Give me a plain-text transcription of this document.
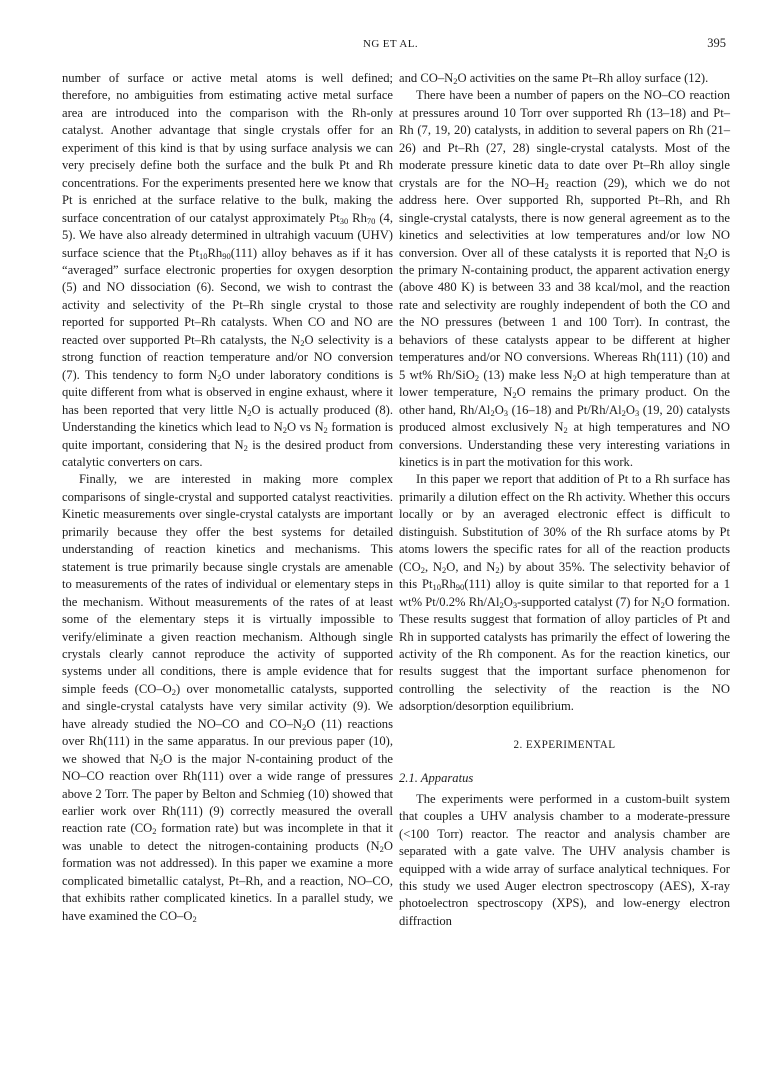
NG ET AL.	395

number of surface or active metal atoms is well defined; therefore, no ambiguities from estimating active metal surface area are introduced into the comparison with the Rh-only catalyst. Another advantage that single crystals offer for an experiment of this kind is that by using surface analysis we can very precisely define both the surface and the bulk Pt and Rh concentrations. For the experiments presented here we know that Pt is enriched at the surface relative to the bulk, making the surface concentration of our catalyst approximately $Pt_{30}$ $Rh_{70}$ (4, 5). We have also already determined in ultrahigh vacuum (UHV) surface science that the $Pt_{10}Rh_{90}(111)$ alloy behaves as if it has “averaged” surface electronic properties for oxygen desorption (5) and NO dissociation (6). Second, we wish to contrast the activity and selectivity of the Pt–Rh single crystal to those reported for supported Pt–Rh catalysts. When CO and NO are reacted over supported Pt–Rh catalysts, the $N_2O$ selectivity is a strong function of reaction temperature and/or NO conversion (7). This tendency to form $N_2O$ under laboratory conditions is quite different from what is observed in engine exhaust, where it has been reported that very little $N_2O$ is actually produced (8). Understanding the kinetics which lead to $N_2O$ vs $N_2$ formation is quite important, considering that $N_2$ is the desired product from catalytic converters on cars.

Finally, we are interested in making more complex comparisons of single-crystal and supported catalyst reactivities. Kinetic measurements over single-crystal catalysts are important primarily because they offer the best systems for detailed understanding of reaction kinetics and mechanisms. This statement is true primarily because single crystals are amenable to measurements of the rates of individual or elementary steps in the mechanism. Without measurements of the rates of at least some of the elementary steps it is virtually impossible to verify/eliminate a given reaction mechanism. Although single crystals clearly cannot reproduce the activity of supported systems under all conditions, there is ample evidence that for simple feeds $(CO-O_2)$ over monometallic catalysts, supported and single-crystal catalysts have very similar activity (9). We have already studied the NO–CO and $CO-N_2O$ (11) reactions over Rh(111) in the same apparatus. In our previous paper (10), we showed that $N_2O$ is the major N-containing product of the NO–CO reaction over Rh(111) over a wide range of pressures above 2 Torr. The paper by Belton and Schmieg (10) showed that earlier work over Rh(111) (9) correctly measured the overall reaction rate ($CO_2$ formation rate) but was incomplete in that it was unable to detect the nitrogen-containing products ($N_2O$ formation was not addressed). In this paper we examine a more complicated bimetallic catalyst, Pt–Rh, and a reaction, NO–CO, that exhibits rather complicated kinetics. In a parallel study, we have examined the $CO-O_2$

and $CO-N_2O$ activities on the same Pt–Rh alloy surface (12).

There have been a number of papers on the NO–CO reaction at pressures around 10 Torr over supported Rh (13–18) and Pt–Rh (7, 19, 20) catalysts, in addition to several papers on Rh (21–26) and Pt–Rh (27, 28) single-crystal catalysts. Most of the moderate pressure kinetic data to date over Pt–Rh alloy single crystals are for the $NO-H_2$ reaction (29), which we do not address here. Over supported Rh, supported Pt–Rh, and Rh single-crystal catalysts, there is now general agreement as to the kinetics and selectivities at low temperatures and/or low NO conversion. Over all of these catalysts it is reported that $N_2O$ is the primary N-containing product, the apparent activation energy (above 480 K) is between 33 and 38 kcal/mol, and the reaction rate and selectivity are roughly independent of both the CO and the NO pressures (between 1 and 100 Torr). In contrast, the behaviors of these catalysts appear to be different at higher temperatures and/or NO conversions. Whereas Rh(111) (10) and 5 wt% Rh/SiO$_2$ (13) make less $N_2O$ at high temperature than at lower temperature, $N_2O$ remains the primary product. On the other hand, $Rh/Al_2O_3$ (16–18) and $Pt/Rh/Al_2O_3$ (19, 20) catalysts produced almost exclusively $N_2$ at high temperatures and NO conversions. Understanding these very interesting variations in kinetics is in part the motivation for this work.

In this paper we report that addition of Pt to a Rh surface has primarily a dilution effect on the Rh activity. Whether this occurs locally or by an averaged electronic effect is difficult to distinguish. Substitution of 30% of the Rh surface atoms by Pt atoms lowers the specific rates for all of the reaction products ($CO_2$, $N_2O$, and $N_2$) by about 35%. The selectivity behavior of this $Pt_{10}Rh_{90}(111)$ alloy is quite similar to that reported for a 1 wt% Pt/0.2% $Rh/Al_2O_3$-supported catalyst (7) for $N_2O$ formation. These results suggest that formation of alloy particles of Pt and Rh in supported catalysts has primarily the effect of lowering the activity of the Rh component. As for the reaction kinetics, our results suggest that the important surface phenomenon for controlling the selectivity of the reaction is the NO adsorption/desorption equilibrium.

2. EXPERIMENTAL
2.1. Apparatus

The experiments were performed in a custom-built system that couples a UHV analysis chamber to a moderate-pressure (<100 Torr) reactor. The reactor and analysis chamber are separated with a gate valve. The UHV analysis chamber is equipped with a wide array of surface analytical techniques. For this study we used Auger electron spectroscopy (AES), X-ray photoelectron spectroscopy (XPS), and low-energy electron diffraction
